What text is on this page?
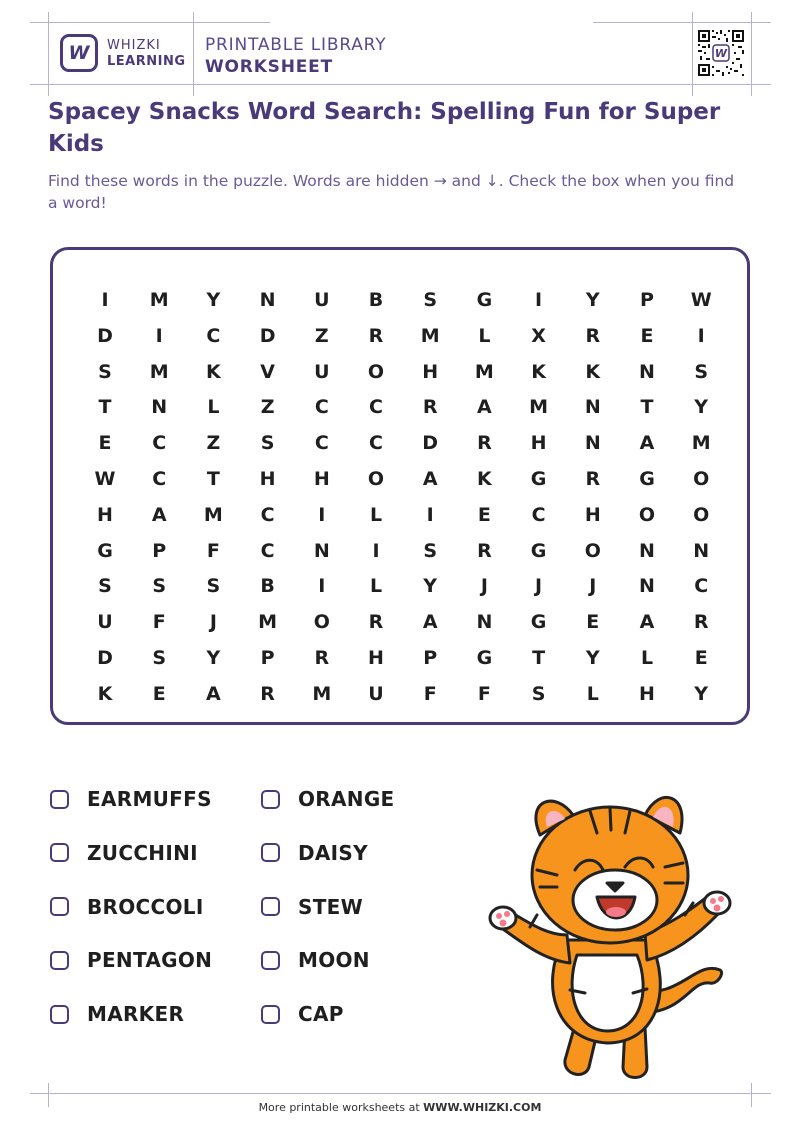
W WHIZKI
LEARNING
PRINTABLE LIBRARY
WORKSHEET
W
Spacey Snacks Word Search: Spelling Fun for Super Kids
Find these words in the puzzle. Words are hidden → and ↓. Check the box when you find a word!
I	M	Y	N	U	B	S	G	I	Y	P	W
D	I	C	D	Z	R	M	L	X	R	E	I
S	M	K	V	U	O	H	M	K	K	N	S
T	N	L	Z	C	C	R	A	M	N	T	Y
E	C	Z	S	C	C	D	R	H	N	A	M
W	C	T	H	H	O	A	K	G	R	G	O
H	A	M	C	I	L	I	E	C	H	O	O
G	P	F	C	N	I	S	R	G	O	N	N
S	S	S	B	I	L	Y	J	J	J	N	C
U	F	J	M	O	R	A	N	G	E	A	R
D	S	Y	P	R	H	P	G	T	Y	L	E
K	E	A	R	M	U	F	F	S	L	H	Y
EARMUFFS	ORANGE
ZUCCHINI	DAISY
BROCCOLI	STEW
PENTAGON	MOON
MARKER	CAP
More printable worksheets at WWW.WHIZKI.COM
